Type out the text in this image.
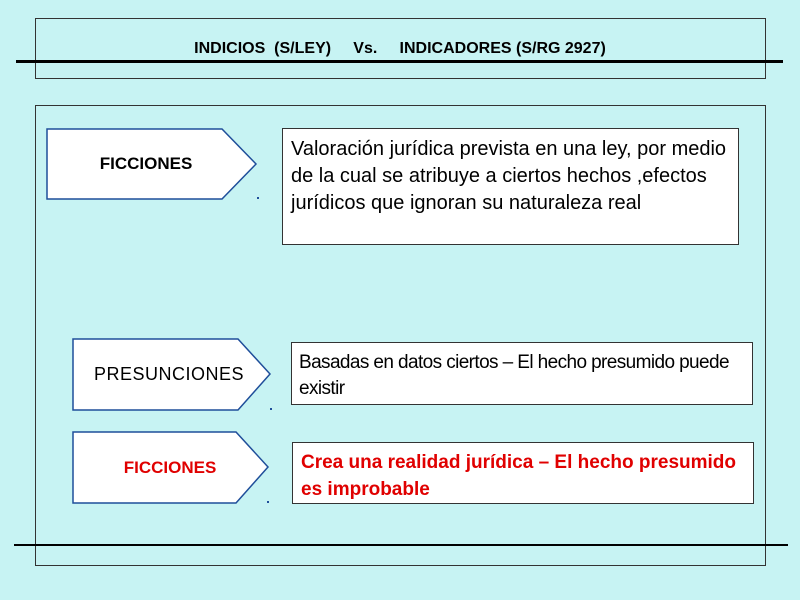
INDICIOS  (S/LEY)     Vs.     INDICADORES (S/RG 2927)
FICCIONES
Valoración jurídica prevista en una ley, por medio de la cual se atribuye a ciertos hechos ,efectos jurídicos que ignoran su naturaleza real
PRESUNCIONES
Basadas en datos ciertos – El hecho presumido puede existir
FICCIONES	Crea una realidad jurídica – El hecho presumido es improbable
